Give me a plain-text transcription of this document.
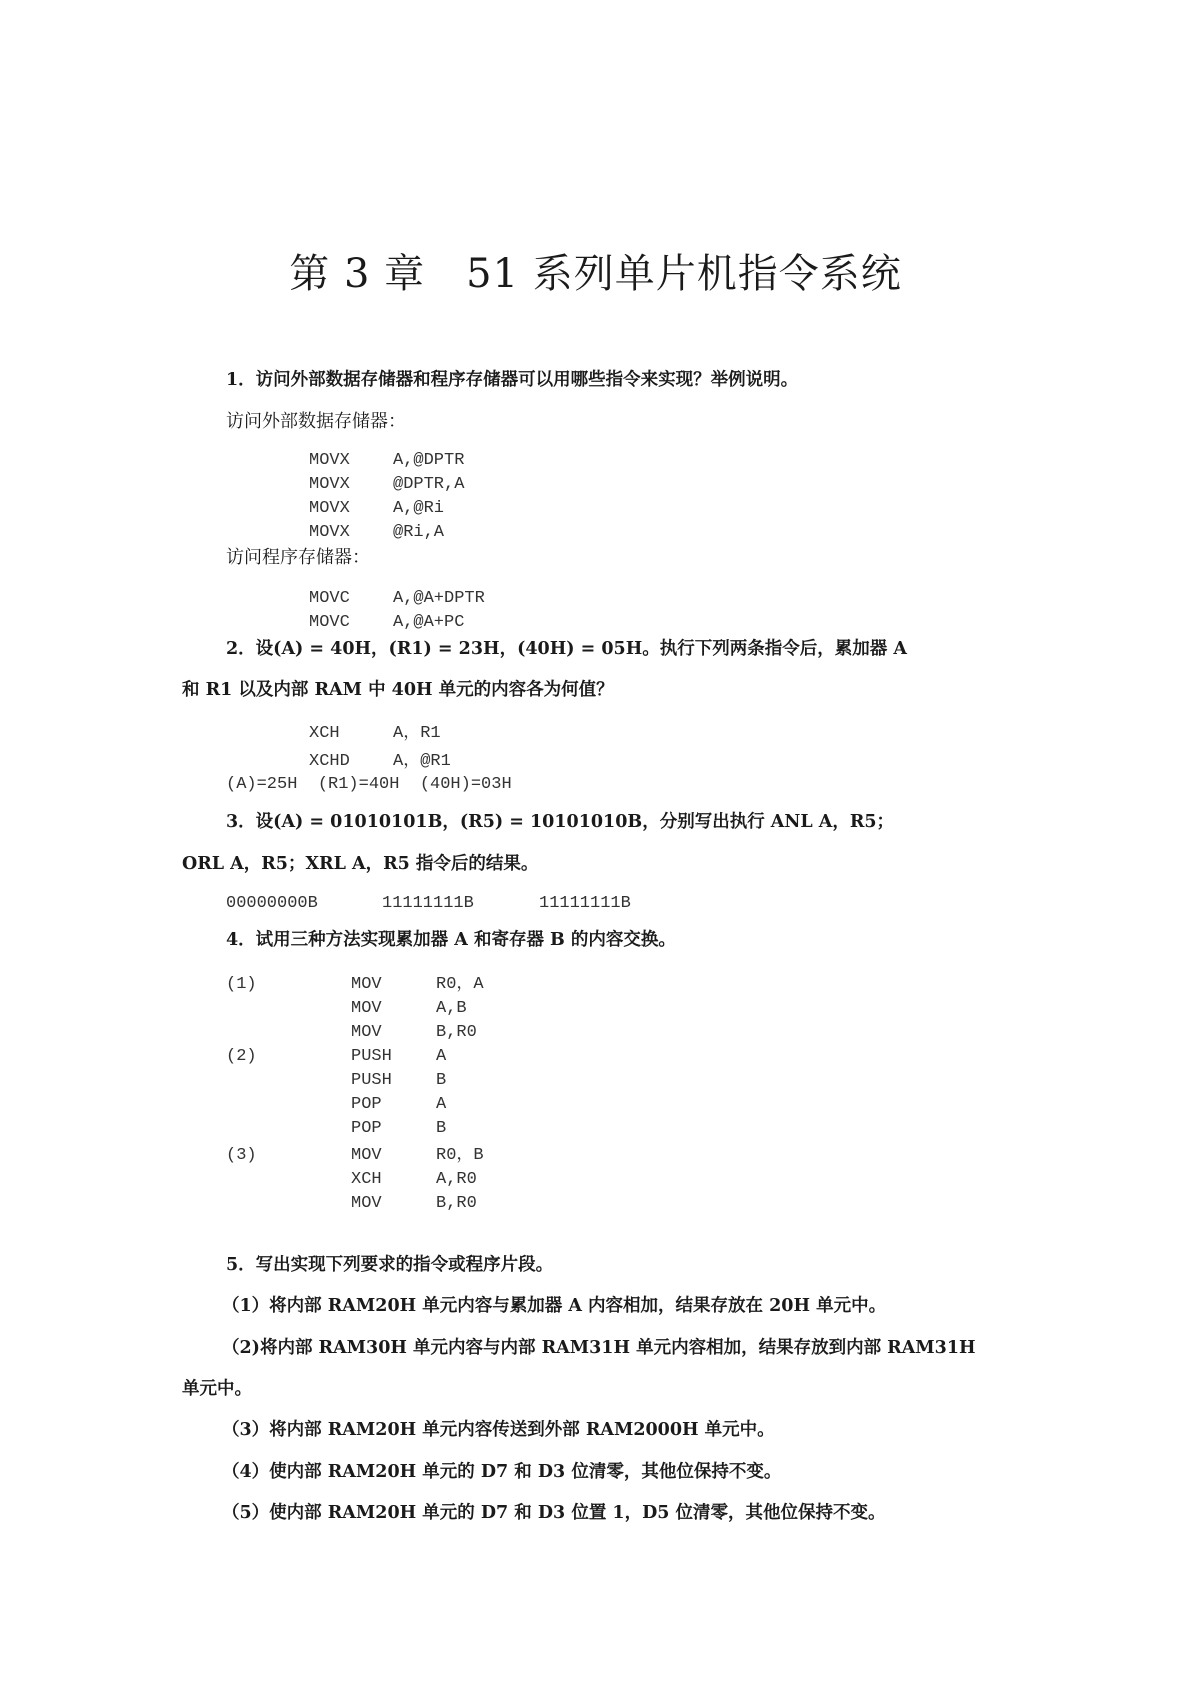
第 3 章　51 系列单片机指令系统
1．访问外部数据存储器和程序存储器可以用哪些指令来实现？举例说明。
访问外部数据存储器：
MOVX	A,@DPTR
MOVX	@DPTR,A
MOVX	A,@Ri
MOVX	@Ri,A
访问程序存储器：
MOVC	A,@A+DPTR
MOVC	A,@A+PC
2．设(A) = 40H，(R1) = 23H，(40H) = 05H。执行下列两条指令后，累加器 A
和 R1 以及内部 RAM 中 40H 单元的内容各为何值？
XCH	A，R1
XCHD	A，@R1
(A)=25H  (R1)=40H  (40H)=03H
3．设(A) = 01010101B，(R5) = 10101010B，分别写出执行 ANL A，R5；
ORL A，R5；XRL A，R5 指令后的结果。
00000000B	11111111B	11111111B
4．试用三种方法实现累加器 A 和寄存器 B 的内容交换。
(1)	MOV	R0，A
MOV	A,B
MOV	B,R0
(2)	PUSH	A
PUSH	B
POP	A
POP	B
(3)	MOV	R0，B
XCH	A,R0
MOV	B,R0
5．写出实现下列要求的指令或程序片段。
（1）将内部 RAM20H 单元内容与累加器 A 内容相加，结果存放在 20H 单元中。
（2)将内部 RAM30H 单元内容与内部 RAM31H 单元内容相加，结果存放到内部 RAM31H
单元中。
（3）将内部 RAM20H 单元内容传送到外部 RAM2000H 单元中。
（4）使内部 RAM20H 单元的 D7 和 D3 位清零，其他位保持不变。
（5）使内部 RAM20H 单元的 D7 和 D3 位置 1，D5 位清零，其他位保持不变。
